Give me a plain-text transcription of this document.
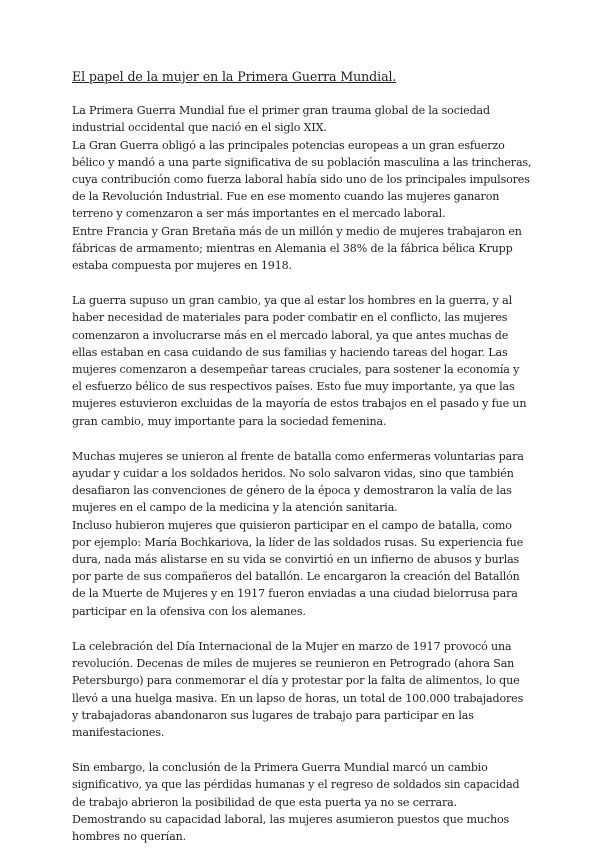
El papel de la mujer en la Primera Guerra Mundial.
La Primera Guerra Mundial fue el primer gran trauma global de la sociedad industrial occidental que nació en el siglo XIX.
La Gran Guerra obligó a las principales potencias europeas a un gran esfuerzo bélico y mandó a una parte significativa de su población masculina a las trincheras, cuya contribución como fuerza laboral había sido uno de los principales impulsores de la Revolución Industrial. Fue en ese momento cuando las mujeres ganaron terreno y comenzaron a ser más importantes en el mercado laboral.
Entre Francia y Gran Bretaña más de un millón y medio de mujeres trabajaron en fábricas de armamento; mientras en Alemania el 38% de la fábrica bélica Krupp estaba compuesta por mujeres en 1918.
La guerra supuso un gran cambio, ya que al estar los hombres en la guerra, y al haber necesidad de materiales para poder combatir en el conflicto, las mujeres comenzaron a involucrarse más en el mercado laboral, ya que antes muchas de ellas estaban en casa cuidando de sus familias y haciendo tareas del hogar. Las mujeres comenzaron a desempeñar tareas cruciales, para sostener la economía y el esfuerzo bélico de sus respectivos países. Esto fue muy importante, ya que las mujeres estuvieron excluidas de la mayoría de estos trabajos en el pasado y fue un gran cambio, muy importante para la sociedad femenina.
Muchas mujeres se unieron al frente de batalla como enfermeras voluntarias para ayudar y cuidar a los soldados heridos. No solo salvaron vidas, sino que también desafiaron las convenciones de género de la época y demostraron la valía de las mujeres en el campo de la medicina y la atención sanitaria.
Incluso hubieron mujeres que quisieron participar en el campo de batalla, como por ejemplo: María Bochkariova, la líder de las soldados rusas. Su experiencia fue dura, nada más alistarse en su vida se convirtió en un infierno de abusos y burlas por parte de sus compañeros del batallón. Le encargaron la creación del Batallón de la Muerte de Mujeres y en 1917 fueron enviadas a una ciudad bielorrusa para participar en la ofensiva con los alemanes.
La celebración del Día Internacional de la Mujer en marzo de 1917 provocó una revolución. Decenas de miles de mujeres se reunieron en Petrogrado (ahora San Petersburgo) para conmemorar el día y protestar por la falta de alimentos, lo que llevó a una huelga masiva. En un lapso de horas, un total de 100.000 trabajadores y trabajadoras abandonaron sus lugares de trabajo para participar en las manifestaciones.
Sin embargo, la conclusión de la Primera Guerra Mundial marcó un cambio significativo, ya que las pérdidas humanas y el regreso de soldados sin capacidad de trabajo abrieron la posibilidad de que esta puerta ya no se cerrara. Demostrando su capacidad laboral, las mujeres asumieron puestos que muchos hombres no querían.
